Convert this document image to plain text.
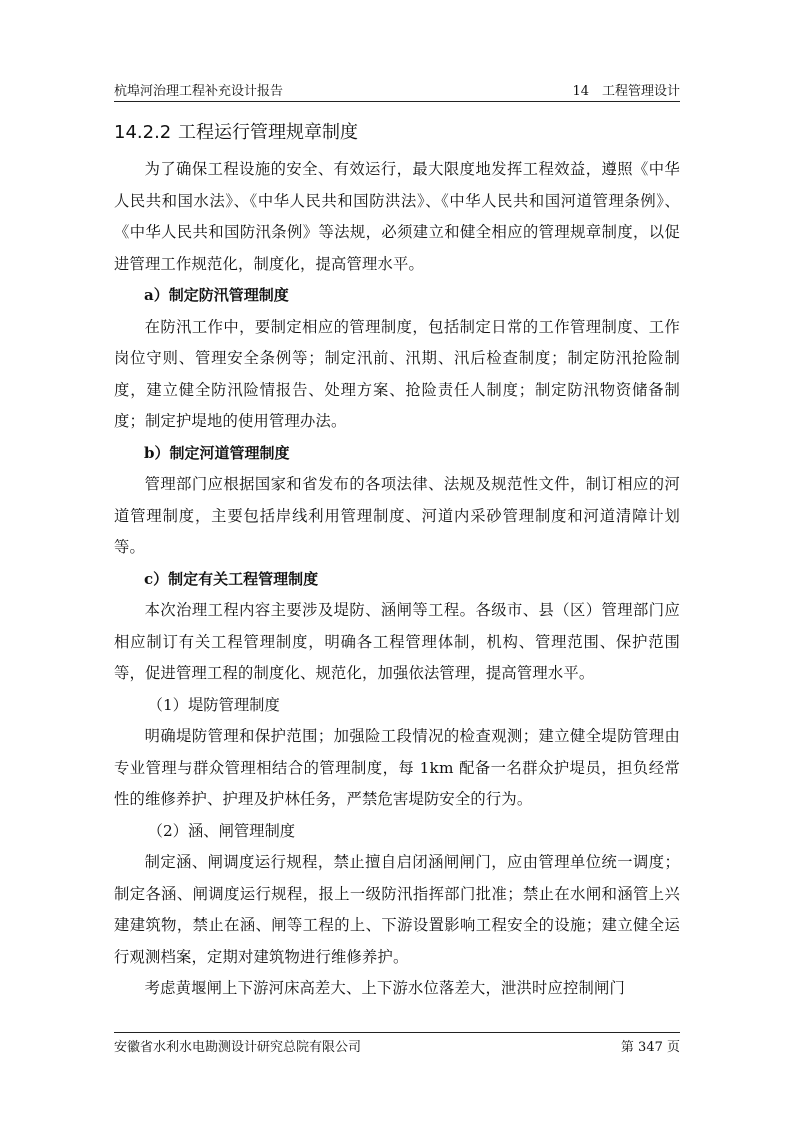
杭埠河治理工程补充设计报告	14　工程管理设计
14.2.2 工程运行管理规章制度

为了确保工程设施的安全、有效运行，最大限度地发挥工程效益，遵照《中华人民共和国水法》、《中华人民共和国防洪法》、《中华人民共和国河道管理条例》、《中华人民共和国防汛条例》等法规，必须建立和健全相应的管理规章制度，以促进管理工作规范化，制度化，提高管理水平。

a）制定防汛管理制度

在防汛工作中，要制定相应的管理制度，包括制定日常的工作管理制度、工作岗位守则、管理安全条例等；制定汛前、汛期、汛后检查制度；制定防汛抢险制度，建立健全防汛险情报告、处理方案、抢险责任人制度；制定防汛物资储备制度；制定护堤地的使用管理办法。

b）制定河道管理制度

管理部门应根据国家和省发布的各项法律、法规及规范性文件，制订相应的河道管理制度，主要包括岸线利用管理制度、河道内采砂管理制度和河道清障计划等。

c）制定有关工程管理制度

本次治理工程内容主要涉及堤防、涵闸等工程。各级市、县（区）管理部门应相应制订有关工程管理制度，明确各工程管理体制，机构、管理范围、保护范围等，促进管理工程的制度化、规范化，加强依法管理，提高管理水平。

（1）堤防管理制度

明确堤防管理和保护范围；加强险工段情况的检查观测；建立健全堤防管理由专业管理与群众管理相结合的管理制度，每 1km 配备一名群众护堤员，担负经常性的维修养护、护理及护林任务，严禁危害堤防安全的行为。

（2）涵、闸管理制度

制定涵、闸调度运行规程，禁止擅自启闭涵闸闸门，应由管理单位统一调度；制定各涵、闸调度运行规程，报上一级防汛指挥部门批准；禁止在水闸和涵管上兴建建筑物，禁止在涵、闸等工程的上、下游设置影响工程安全的设施；建立健全运行观测档案，定期对建筑物进行维修养护。

考虑黄堰闸上下游河床高差大、上下游水位落差大，泄洪时应控制闸门

安徽省水利水电勘测设计研究总院有限公司	第 347 页
